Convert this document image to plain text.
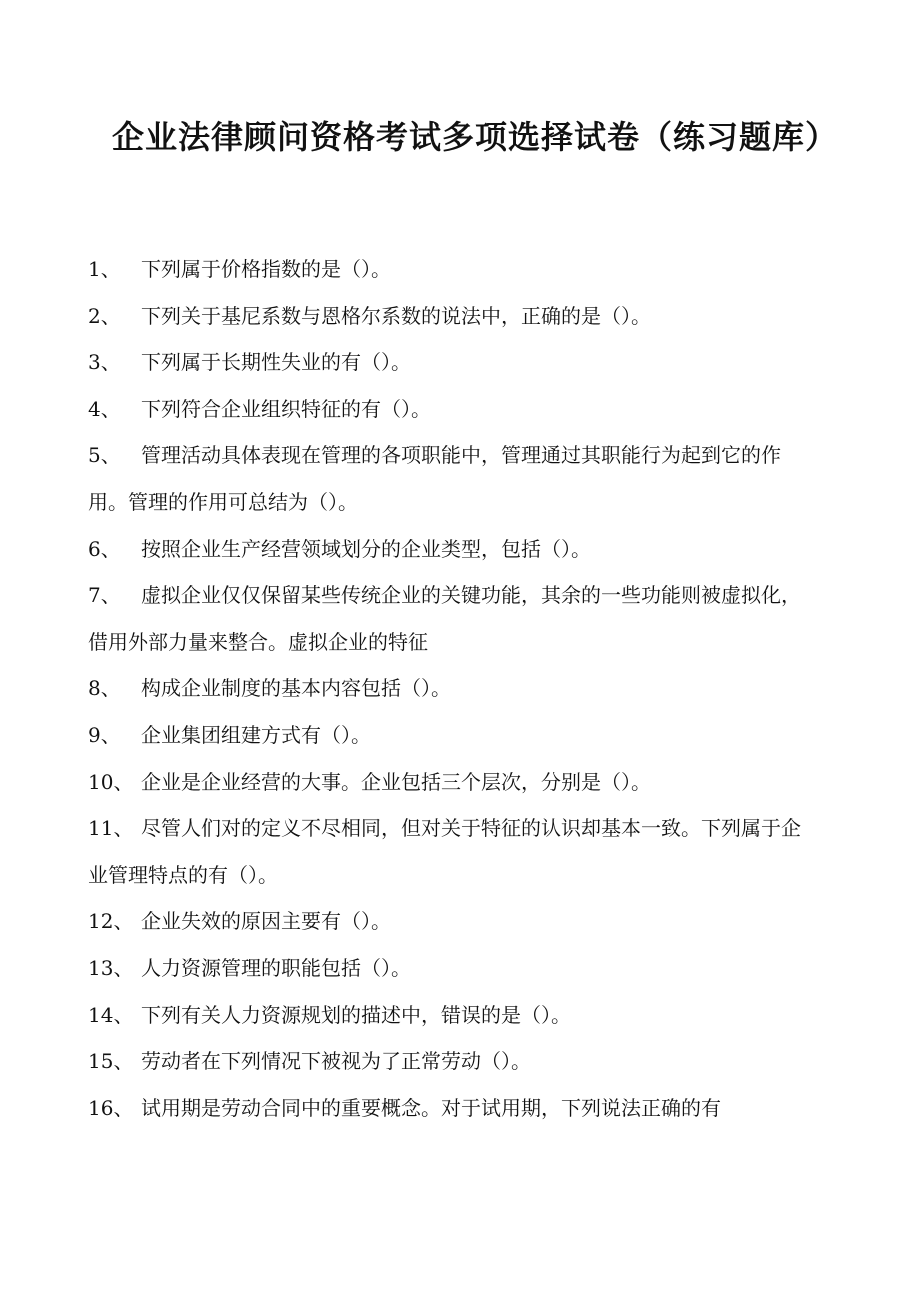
企业法律顾问资格考试多项选择试卷（练习题库）
1、 下列属于价格指数的是（）。
2、 下列关于基尼系数与恩格尔系数的说法中，正确的是（）。
3、 下列属于长期性失业的有（）。
4、 下列符合企业组织特征的有（）。
5、 管理活动具体表现在管理的各项职能中，管理通过其职能行为起到它的作用。管理的作用可总结为（）。
6、 按照企业生产经营领域划分的企业类型，包括（）。
7、 虚拟企业仅仅保留某些传统企业的关键功能，其余的一些功能则被虚拟化，借用外部力量来整合。虚拟企业的特征
8、 构成企业制度的基本内容包括（）。
9、 企业集团组建方式有（）。
10、 企业是企业经营的大事。企业包括三个层次，分别是（）。
11、 尽管人们对的定义不尽相同，但对关于特征的认识却基本一致。下列属于企业管理特点的有（）。
12、 企业失效的原因主要有（）。
13、 人力资源管理的职能包括（）。
14、 下列有关人力资源规划的描述中，错误的是（）。
15、 劳动者在下列情况下被视为了正常劳动（）。
16、 试用期是劳动合同中的重要概念。对于试用期，下列说法正确的有
